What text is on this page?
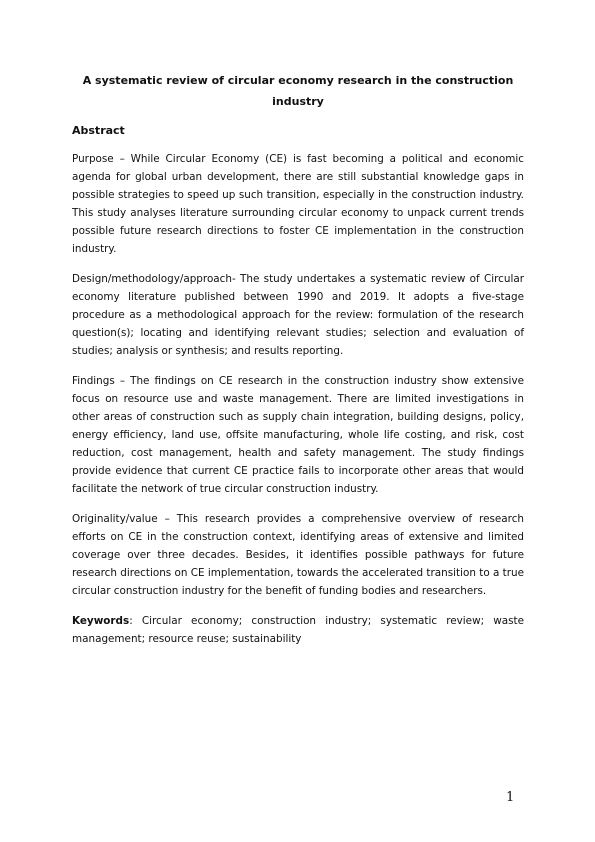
A systematic review of circular economy research in the construction industry
Abstract

Purpose – While Circular Economy (CE) is fast becoming a political and economic agenda for global urban development, there are still substantial knowledge gaps in possible strategies to speed up such transition, especially in the construction industry. This study analyses literature surrounding circular economy to unpack current trends possible future research directions to foster CE implementation in the construction industry.

Design/methodology/approach- The study undertakes a systematic review of Circular economy literature published between 1990 and 2019. It adopts a five-stage procedure as a methodological approach for the review: formulation of the research question(s); locating and identifying relevant studies; selection and evaluation of studies; analysis or synthesis; and results reporting.

Findings – The findings on CE research in the construction industry show extensive focus on resource use and waste management. There are limited investigations in other areas of construction such as supply chain integration, building designs, policy, energy efficiency, land use, offsite manufacturing, whole life costing, and risk, cost reduction, cost management, health and safety management. The study findings provide evidence that current CE practice fails to incorporate other areas that would facilitate the network of true circular construction industry.

Originality/value – This research provides a comprehensive overview of research efforts on CE in the construction context, identifying areas of extensive and limited coverage over three decades. Besides, it identifies possible pathways for future research directions on CE implementation, towards the accelerated transition to a true circular construction industry for the benefit of funding bodies and researchers.

Keywords: Circular economy; construction industry; systematic review; waste management; resource reuse; sustainability

1
